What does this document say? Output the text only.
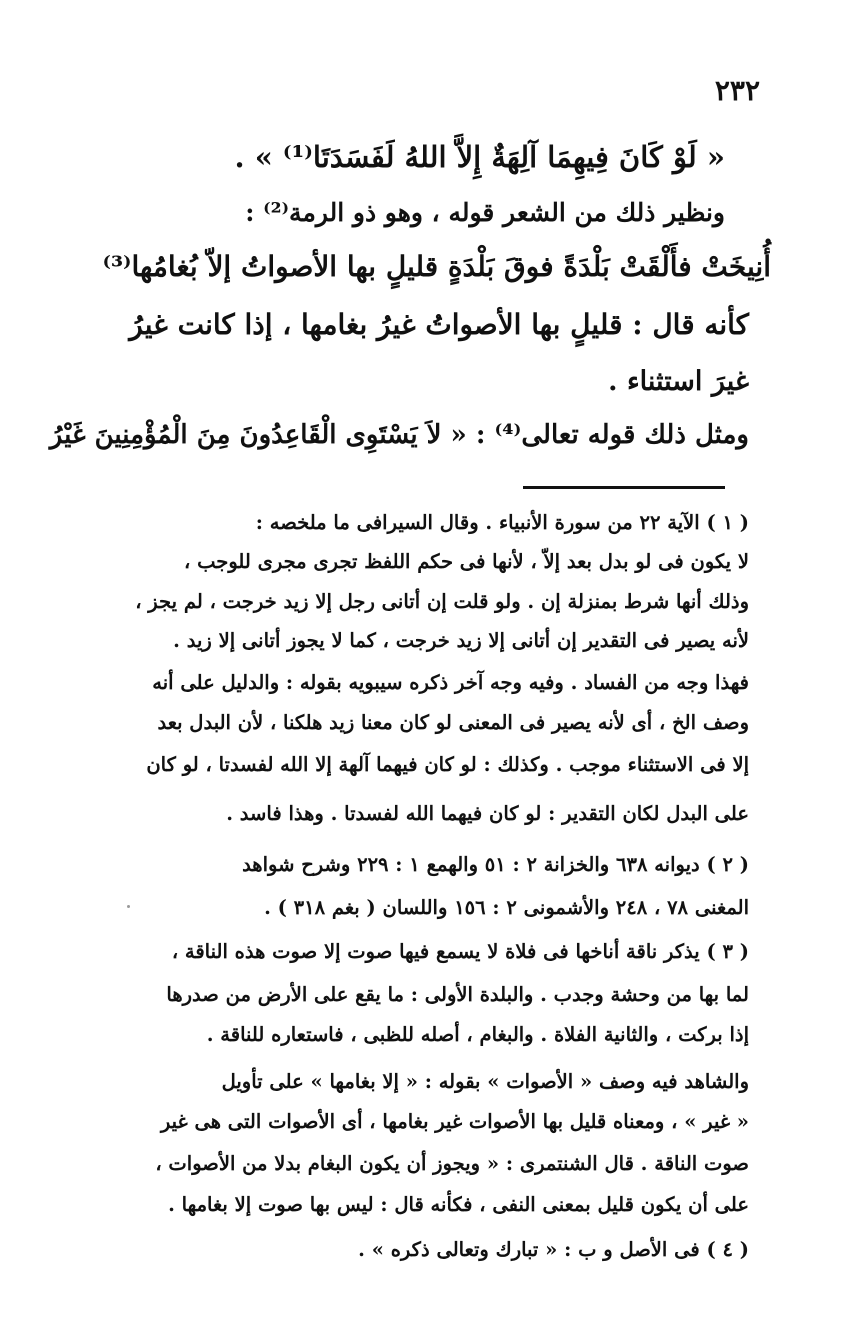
٢٣٢
« لَوْ كَانَ فِيهِمَا آلِهَةٌ إِلاَّ اللهُ لَفَسَدَتَا⁽¹⁾ » .
ونظير ذلك من الشعر قوله ، وهو ذو الرمة⁽²⁾ :
أُنِيخَتْ فأَلْقَتْ بَلْدَةً فوقَ بَلْدَةٍ قليلٍ بها الأصواتُ إلاّ بُغامُها⁽³⁾
كأنه قال : قليلٍ بها الأصواتُ غيرُ بغامها ، إذا كانت غيرُ
غيرَ استثناء .
ومثل ذلك قوله تعالى⁽⁴⁾ : « لاَ يَسْتَوِى الْقَاعِدُونَ مِنَ الْمُؤْمِنِينَ غَيْرُ
( ١ ) الآية ٢٢ من سورة الأنبياء . وقال السيرافى ما ملخصه :
لا يكون فى لو بدل بعد إلاّ ، لأنها فى حكم اللفظ تجرى مجرى للوجب ،
وذلك أنها شرط بمنزلة إن . ولو قلت إن أتانى رجل إلا زيد خرجت ، لم يجز ،
لأنه يصير فى التقدير إن أتانى إلا زيد خرجت ، كما لا يجوز أتانى إلا زيد .
فهذا وجه من الفساد . وفيه وجه آخر ذكره سيبويه بقوله : والدليل على أنه
وصف الخ ، أى لأنه يصير فى المعنى لو كان معنا زيد هلكنا ، لأن البدل بعد
إلا فى الاستثناء موجب . وكذلك : لو كان فيهما آلهة إلا الله لفسدتا ، لو كان
على البدل لكان التقدير : لو كان فيهما الله لفسدتا . وهذا فاسد .
( ٢ ) ديوانه ٦٣٨ والخزانة ٢ : ٥١ والهمع ١ : ٢٢٩ وشرح شواهد
المغنى ٧٨ ، ٢٤٨ والأشمونى ٢ : ١٥٦ واللسان ( بغم ٣١٨ ) .
( ٣ ) يذكر ناقة أناخها فى فلاة لا يسمع فيها صوت إلا صوت هذه الناقة ،
لما بها من وحشة وجدب . والبلدة الأولى : ما يقع على الأرض من صدرها
إذا بركت ، والثانية الفلاة . والبغام ، أصله للظبى ، فاستعاره للناقة .
والشاهد فيه وصف « الأصوات » بقوله : « إلا بغامها » على تأويل
« غير » ، ومعناه قليل بها الأصوات غير بغامها ، أى الأصوات التى هى غير
صوت الناقة . قال الشنتمرى : « ويجوز أن يكون البغام بدلا من الأصوات ،
على أن يكون قليل بمعنى النفى ، فكأنه قال : ليس بها صوت إلا بغامها .
( ٤ ) فى الأصل و ب : « تبارك وتعالى ذكره » .
